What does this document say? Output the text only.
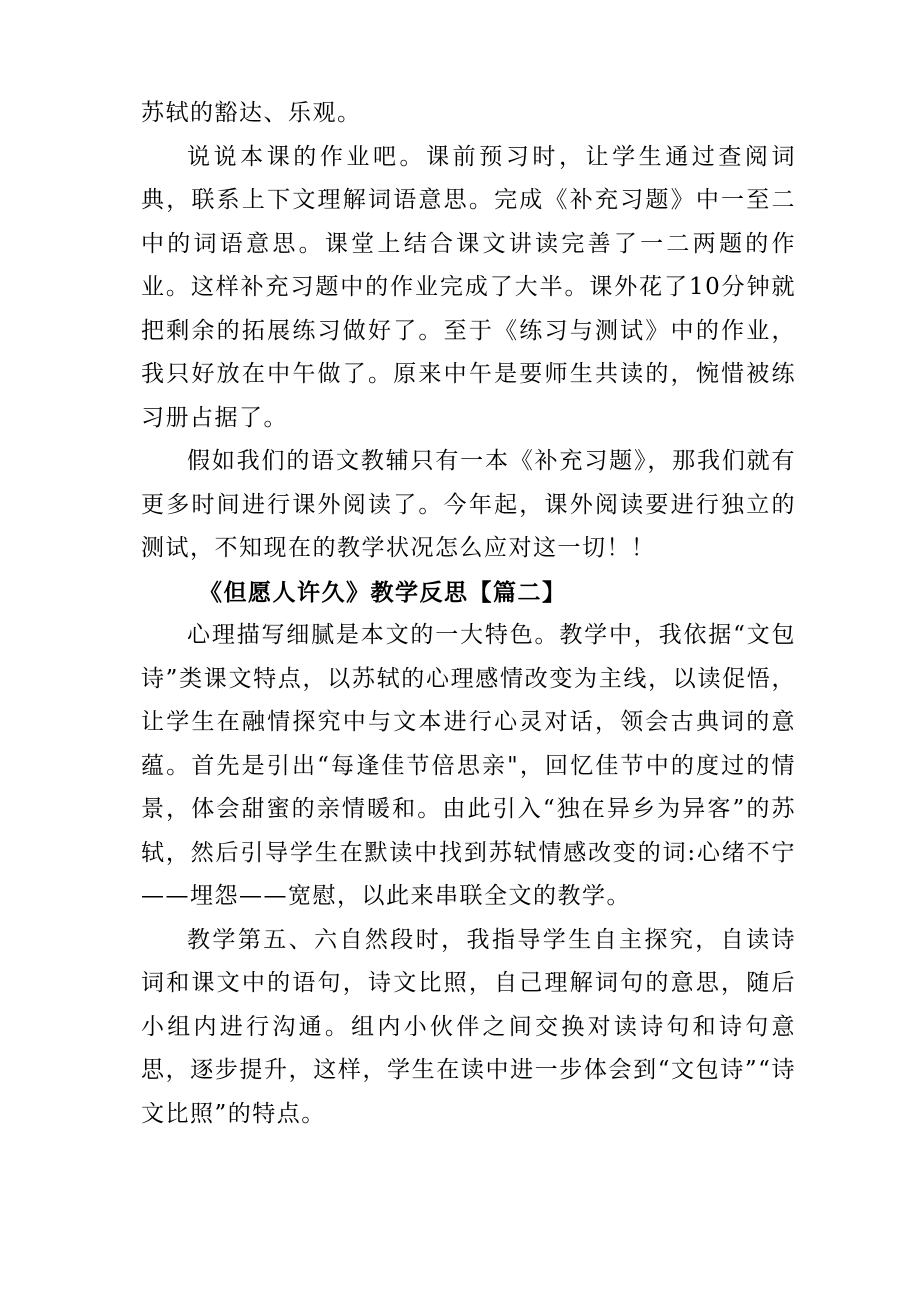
苏轼的豁达、乐观。

说说本课的作业吧。课前预习时，让学生通过查阅词典，联系上下文理解词语意思。完成《补充习题》中一至二中的词语意思。课堂上结合课文讲读完善了一二两题的作业。这样补充习题中的作业完成了大半。课外花了10分钟就把剩余的拓展练习做好了。至于《练习与测试》中的作业，我只好放在中午做了。原来中午是要师生共读的，惋惜被练习册占据了。

假如我们的语文教辅只有一本《补充习题》，那我们就有更多时间进行课外阅读了。今年起，课外阅读要进行独立的测试，不知现在的教学状况怎么应对这一切！！

《但愿人许久》教学反思【篇二】

心理描写细腻是本文的一大特色。教学中，我依据“文包诗”类课文特点，以苏轼的心理感情改变为主线，以读促悟，让学生在融情探究中与文本进行心灵对话，领会古典词的意蕴。首先是引出“每逢佳节倍思亲"，回忆佳节中的度过的情景，体会甜蜜的亲情暖和。由此引入“独在异乡为异客”的苏轼，然后引导学生在默读中找到苏轼情感改变的词:心绪不宁——埋怨——宽慰，以此来串联全文的教学。

教学第五、六自然段时，我指导学生自主探究，自读诗词和课文中的语句，诗文比照，自己理解词句的意思，随后小组内进行沟通。组内小伙伴之间交换对读诗句和诗句意思，逐步提升，这样，学生在读中进一步体会到“文包诗”“诗文比照”的特点。
